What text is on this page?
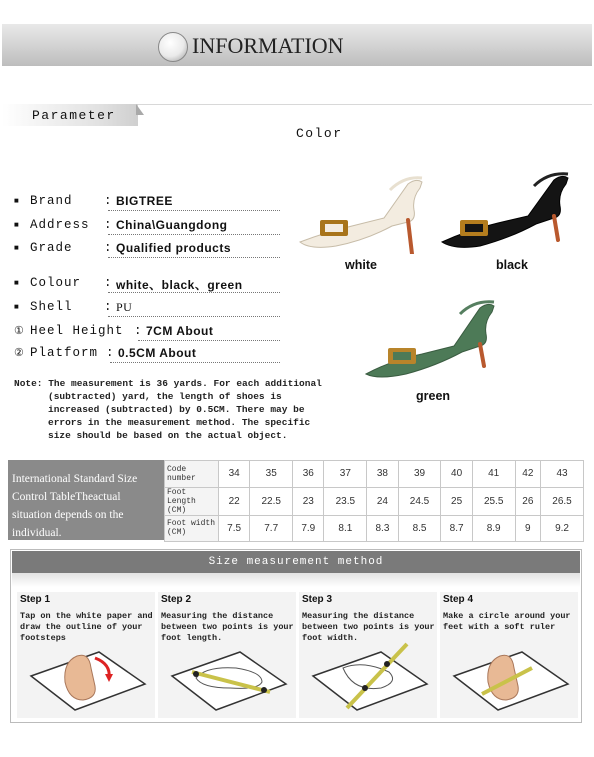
INFORMATION
Parameter
Color
■ Brand	: BIGTREE
■ Address : China\Guangdong
■ Grade	: Qualified products
■ Colour : white、black、green
■ Shell	: PU
① Heel Height : 7CM About
② Platform : 0.5CM About
white	black
green
Note: The measurement is 36 yards. For each additional
(subtracted) yard, the length of shoes is increased (subtracted) by 0.5CM. There may be errors in the measurement method. The specific size should be based on the actual object.
International Standard Size Control TableTheactual situation depends on the individual.
Code number	34	35	36	37	38	39	40	41	42	43
Foot Length (CM)	22	22.5	23	23.5	24	24.5	25	25.5	26	26.5
Foot width (CM)	7.5	7.7	7.9	8.1	8.3	8.5	8.7	8.9	9	9.2
Size measurement method
Step 1
Tap on the white paper and draw the outline of your footsteps
Step 2
Measuring the distance between two points is your foot length.
Step 3
Measuring the distance between two points is your foot width.
Step 4
Make a circle around your feet with a soft ruler
